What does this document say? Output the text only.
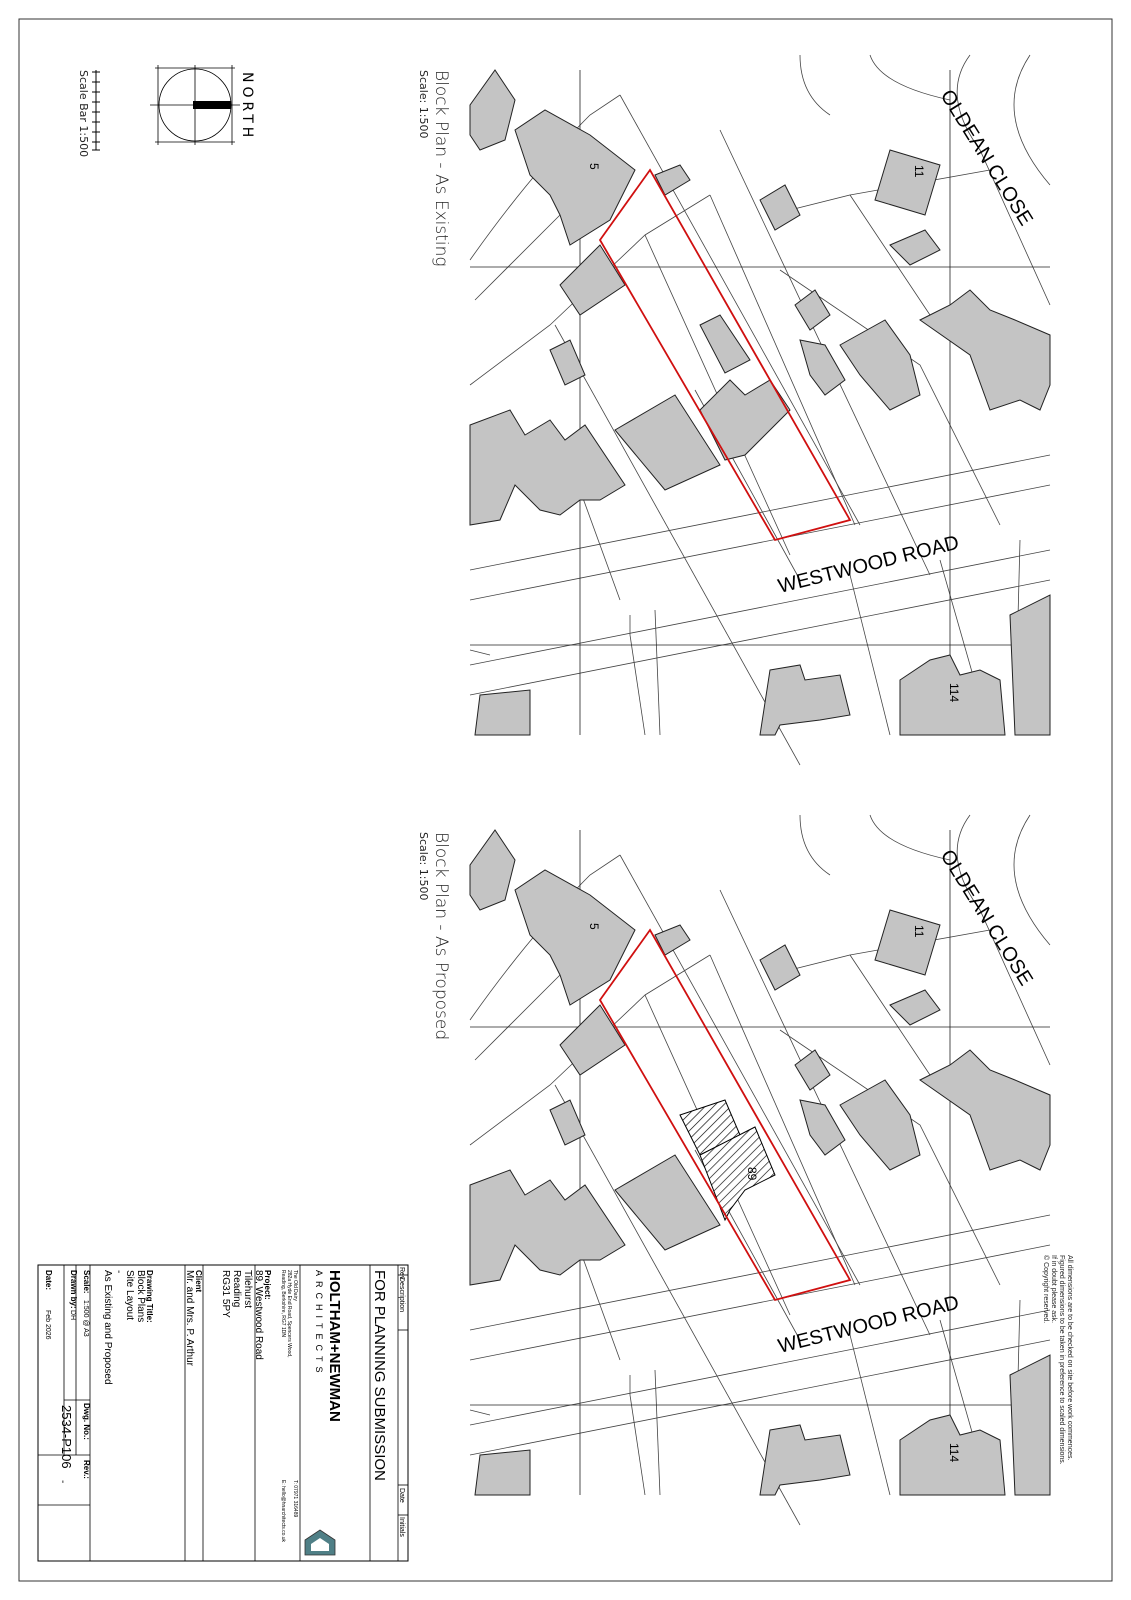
WESTWOOD ROAD
OLDEAN CLOSE
5	11
114
WESTWOOD ROAD
OLDEAN CLOSE
5	11
114
89
Block Plan - As Existing
Scale: 1:500
Block Plan - As Proposed
Scale: 1:500
NORTH
Scale Bar 1:500
All dimensions are to be checked on site before work commences.
Figured dimensions to be taken in preference to scaled dimensions.
If in doubt please ask.
© Copyright reserved.
Rev
Description
Date
Initials
FOR PLANNING SUBMISSION
HOLTHAM+NEWMAN
ARCHITECTS
The Old Dairy
282a Hyde End Road, Spencers Wood,
Reading, Berkshire, RG7 1DN
T: 07971 316489
E: hello@hnarchitects.co.uk
Project:
89, Westwood Road
Tilehurst
Reading
RG31 5PY
Client
Mr. and Mrs. P. Arthur
Drawing Title:
Block Plans
Site Layout
-
As Existing and Proposed
Scale:
1:500 @ A3
Drawn by:
DH
Date:
Feb 2026
Dwg. No.:
2534-P106
Rev.:
-
